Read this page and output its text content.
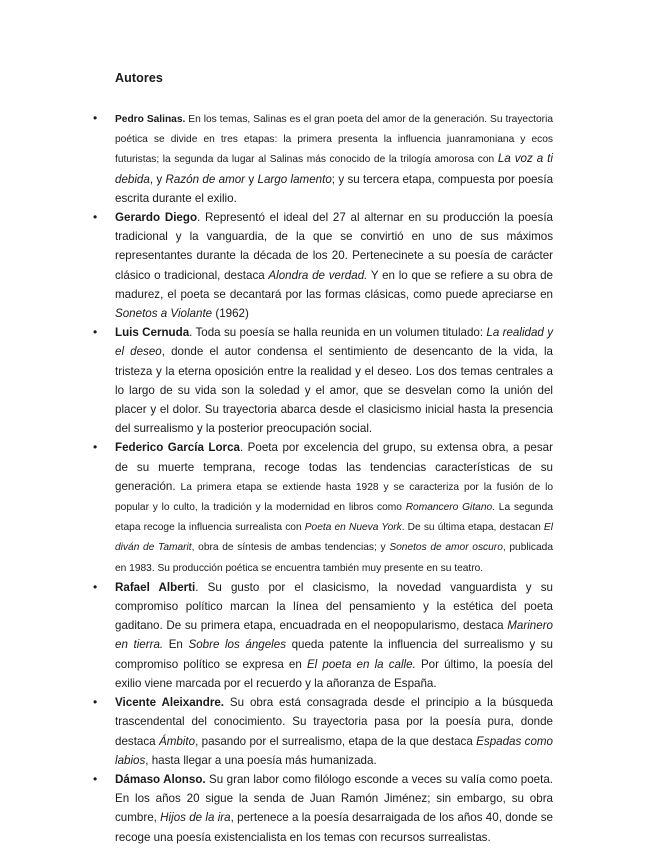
Autores
• Pedro Salinas. En los temas, Salinas es el gran poeta del amor de la generación. Su trayectoria poética se divide en tres etapas: la primera presenta la influencia juanramoniana y ecos futuristas; la segunda da lugar al Salinas más conocido de la trilogía amorosa con La voz a ti debida, y Razón de amor y Largo lamento; y su tercera etapa, compuesta por poesía escrita durante el exilio.
• Gerardo Diego. Representó el ideal del 27 al alternar en su producción la poesía tradicional y la vanguardia, de la que se convirtió en uno de sus máximos representantes durante la década de los 20. Pertenecinete a su poesía de carácter clásico o tradicional, destaca Alondra de verdad. Y en lo que se refiere a su obra de madurez, el poeta se decantará por las formas clásicas, como puede apreciarse en Sonetos a Violante (1962)
• Luis Cernuda. Toda su poesía se halla reunida en un volumen titulado: La realidad y el deseo, donde el autor condensa el sentimiento de desencanto de la vida, la tristeza y la eterna oposición entre la realidad y el deseo. Los dos temas centrales a lo largo de su vida son la soledad y el amor, que se desvelan como la unión del placer y el dolor. Su trayectoria abarca desde el clasicismo inicial hasta la presencia del surrealismo y la posterior preocupación social.
• Federico García Lorca. Poeta por excelencia del grupo, su extensa obra, a pesar de su muerte temprana, recoge todas las tendencias características de su generación. La primera etapa se extiende hasta 1928 y se caracteriza por la fusión de lo popular y lo culto, la tradición y la modernidad en libros como Romancero Gitano. La segunda etapa recoge la influencia surrealista con Poeta en Nueva York. De su última etapa, destacan El diván de Tamarit, obra de síntesis de ambas tendencias; y Sonetos de amor oscuro, publicada en 1983. Su producción poética se encuentra también muy presente en su teatro.
• Rafael Alberti. Su gusto por el clasicismo, la novedad vanguardista y su compromiso político marcan la línea del pensamiento y la estética del poeta gaditano. De su primera etapa, encuadrada en el neopopularismo, destaca Marinero en tierra. En Sobre los ángeles queda patente la influencia del surrealismo y su compromiso político se expresa en El poeta en la calle. Por último, la poesía del exilio viene marcada por el recuerdo y la añoranza de España.
• Vicente Aleixandre. Su obra está consagrada desde el principio a la búsqueda trascendental del conocimiento. Su trayectoria pasa por la poesía pura, donde destaca Ámbito, pasando por el surrealismo, etapa de la que destaca Espadas como labios, hasta llegar a una poesía más humanizada.
• Dámaso Alonso. Su gran labor como filólogo esconde a veces su valía como poeta. En los años 20 sigue la senda de Juan Ramón Jiménez; sin embargo, su obra cumbre, Hijos de la ira, pertenece a la poesía desarraigada de los años 40, donde se recoge una poesía existencialista en los temas con recursos surrealistas.
